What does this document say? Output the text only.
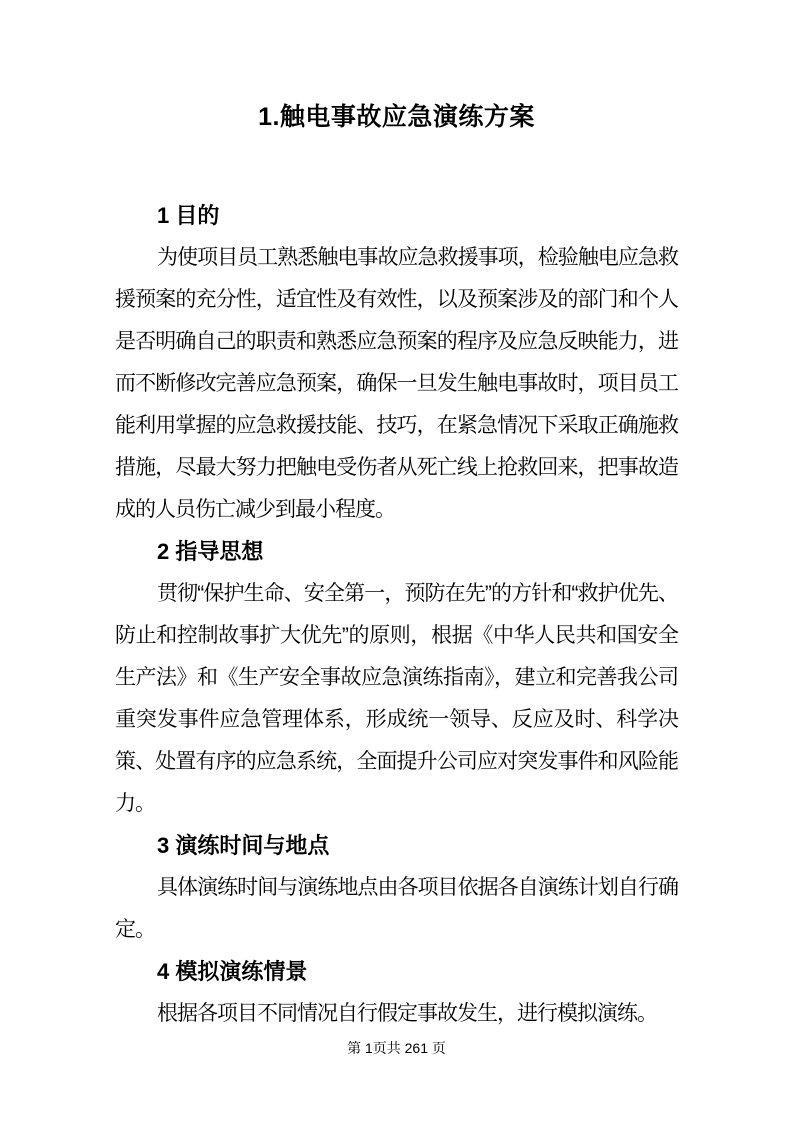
1.触电事故应急演练方案
1 目的

为使项目员工熟悉触电事故应急救援事项，检验触电应急救援预案的充分性，适宜性及有效性，以及预案涉及的部门和个人是否明确自己的职责和熟悉应急预案的程序及应急反映能力，进而不断修改完善应急预案，确保一旦发生触电事故时，项目员工能利用掌握的应急救援技能、技巧，在紧急情况下采取正确施救措施，尽最大努力把触电受伤者从死亡线上抢救回来，把事故造成的人员伤亡减少到最小程度。

2 指导思想

贯彻“保护生命、安全第一，预防在先”的方针和“救护优先、防止和控制故事扩大优先”的原则，根据《中华人民共和国安全生产法》和《生产安全事故应急演练指南》，建立和完善我公司重突发事件应急管理体系，形成统一领导、反应及时、科学决策、处置有序的应急系统，全面提升公司应对突发事件和风险能力。

3 演练时间与地点

具体演练时间与演练地点由各项目依据各自演练计划自行确定。

4 模拟演练情景

根据各项目不同情况自行假定事故发生，进行模拟演练。

第 1页共 261 页
